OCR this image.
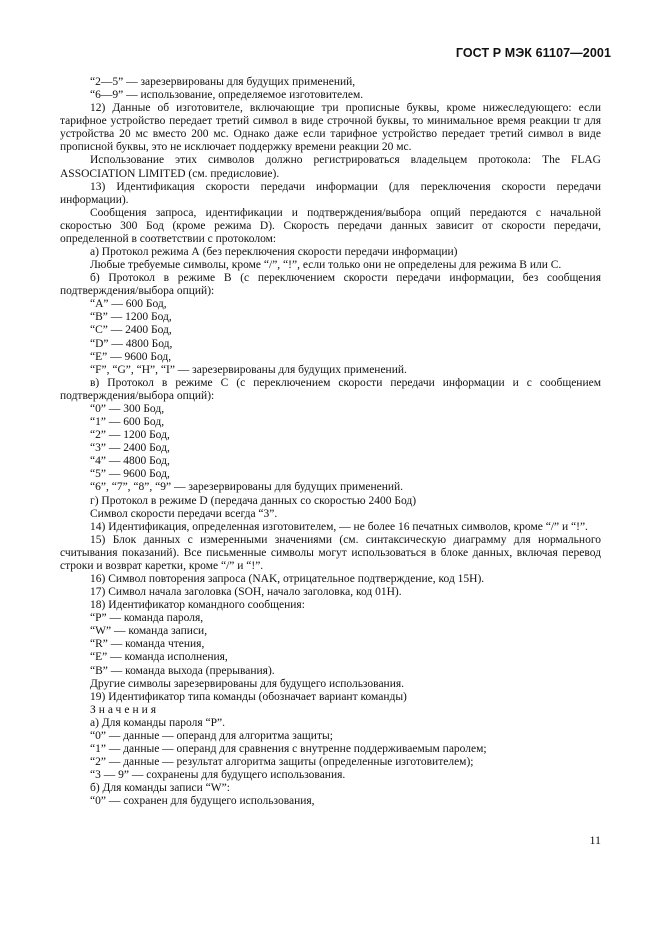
ГОСТ Р МЭК 61107—2001

“2—5” — зарезервированы для будущих применений,

“6—9” — использование, определяемое изготовителем.

12) Данные об изготовителе, включающие три прописные буквы, кроме нижеследующего: если тарифное устройство передает третий символ в виде строчной буквы, то минимальное время реакции tr для устройства 20 мс вместо 200 мс. Однако даже если тарифное устройство передает третий символ в виде прописной буквы, это не исключает поддержку времени реакции 20 мс.

Использование этих символов должно регистрироваться владельцем протокола: The FLAG ASSOCIATION LIMITED (см. предисловие).

13) Идентификация скорости передачи информации (для переключения скорости передачи информации).

Сообщения запроса, идентификации и подтверждения/выбора опций передаются с начальной скоростью 300 Бод (кроме режима D). Скорость передачи данных зависит от скорости передачи, определенной в соответствии с протоколом:

а) Протокол режима А (без переключения скорости передачи информации)

Любые требуемые символы, кроме “/”, “!”, если только они не определены для режима В или С.

б) Протокол в режиме В (с переключением скорости передачи информации, без сообщения подтверждения/выбора опций):

“A” — 600 Бод,

“B” — 1200 Бод,

“C” — 2400 Бод,

“D” — 4800 Бод,

“E” — 9600 Бод,

“F”, “G”, “H”, “I” — зарезервированы для будущих применений.

в) Протокол в режиме С (с переключением скорости передачи информации и с сообщением подтверждения/выбора опций):

“0” — 300 Бод,

“1” — 600 Бод,

“2” — 1200 Бод,

“3” — 2400 Бод,

“4” — 4800 Бод,

“5” — 9600 Бод,

“6”, “7”, “8”, “9” — зарезервированы для будущих применений.

г) Протокол в режиме D (передача данных со скоростью 2400 Бод)

Символ скорости передачи всегда “3”.

14) Идентификация, определенная изготовителем, — не более 16 печатных символов, кроме “/” и “!”.

15) Блок данных с измеренными значениями (см. синтаксическую диаграмму для нормального считывания показаний). Все письменные символы могут использоваться в блоке данных, включая перевод строки и возврат каретки, кроме “/” и “!”.

16) Символ повторения запроса (NAK, отрицательное подтверждение, код 15H).

17) Символ начала заголовка (SOH, начало заголовка, код 01H).

18) Идентификатор командного сообщения:

“P” — команда пароля,

“W” — команда записи,

“R” — команда чтения,

“E” — команда исполнения,

“B” — команда выхода (прерывания).

Другие символы зарезервированы для будущего использования.

19) Идентификатор типа команды (обозначает вариант команды)

Значения

а) Для команды пароля “P”.

“0” — данные — операнд для алгоритма защиты;

“1” — данные — операнд для сравнения с внутренне поддерживаемым паролем;

“2” — данные — результат алгоритма защиты (определенные изготовителем);

“3 — 9” — сохранены для будущего использования.

б) Для команды записи “W”:

“0” — сохранен для будущего использования,

11
